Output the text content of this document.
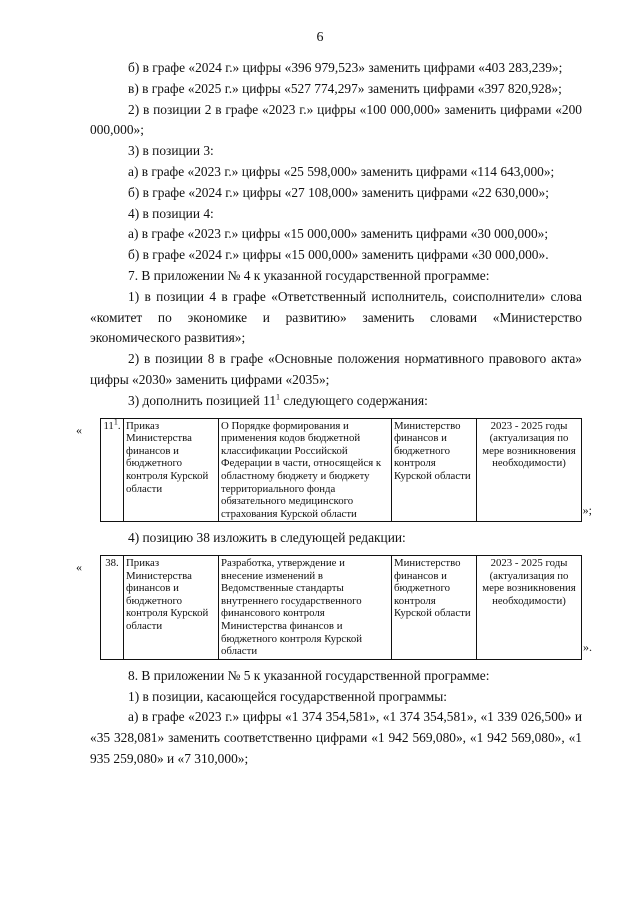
6

б) в графе «2024 г.» цифры «396 979,523» заменить цифрами «403 283,239»;

в) в графе «2025 г.» цифры «527 774,297» заменить цифрами «397 820,928»;

2) в позиции 2 в графе «2023 г.» цифры «100 000,000» заменить цифрами «200 000,000»;

3) в позиции 3:

а) в графе «2023 г.» цифры «25 598,000» заменить цифрами «114 643,000»;

б) в графе «2024 г.» цифры «27 108,000» заменить цифрами «22 630,000»;

4) в позиции 4:

а) в графе «2023 г.» цифры «15 000,000» заменить цифрами «30 000,000»;

б) в графе «2024 г.» цифры «15 000,000» заменить цифрами «30 000,000».

7. В приложении № 4 к указанной государственной программе:

1) в позиции 4 в графе «Ответственный исполнитель, соисполнители» слова «комитет по экономике и развитию» заменить словами «Министерство экономического развития»;

2) в позиции 8 в графе «Основные положения нормативного правового акта» цифры «2030» заменить цифрами «2035»;

3) дополнить позицией $11^1$ следующего содержания:

« $11^1$.	Приказ Министерства финансов и бюджетного контроля Курской области	О Порядке формирования и применения кодов бюджетной классификации Российской Федерации в части, относящейся к областному бюджету и бюджету территориального фонда обязательного медицинского страхования Курской области	Министерство финансов и бюджетного контроля Курской области	2023 - 2025 годы (актуализация по мере возникновения необходимости)
»;

4) позицию 38 изложить в следующей редакции:

« 38.	Приказ Министерства финансов и бюджетного контроля Курской области	Разработка, утверждение и внесение изменений в Ведомственные стандарты внутреннего государственного финансового контроля Министерства финансов и бюджетного контроля Курской области	Министерство финансов и бюджетного контроля Курской области	2023 - 2025 годы (актуализация по мере возникновения необходимости)
».

8. В приложении № 5 к указанной государственной программе:

1) в позиции, касающейся государственной программы:

а) в графе «2023 г.» цифры «1 374 354,581», «1 374 354,581», «1 339 026,500» и «35 328,081» заменить соответственно цифрами «1 942 569,080», «1 942 569,080», «1 935 259,080» и «7 310,000»;
